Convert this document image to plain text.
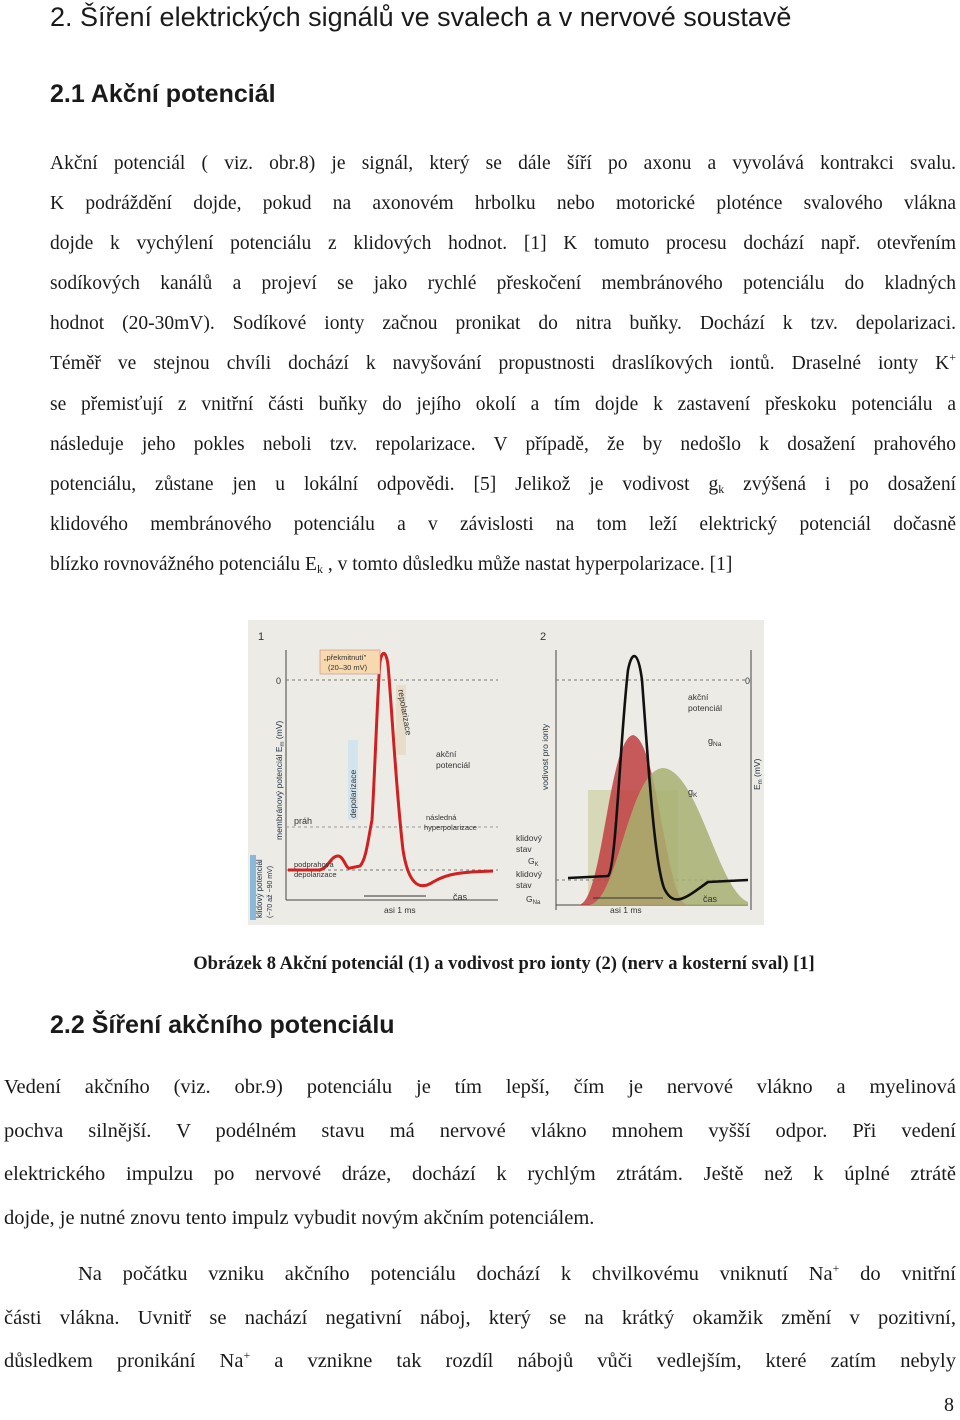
2. Šíření elektrických signálů ve svalech a v nervové soustavě
2.1 Akční potenciál

Akční potenciál ( viz. obr.8) je signál, který se dále šíří po axonu a vyvolává kontrakci svalu.
K podráždění dojde, pokud na axonovém hrbolku nebo motorické ploténce svalového vlákna
dojde k vychýlení potenciálu z klidových hodnot. [1] K tomuto procesu dochází např. otevřením
sodíkových kanálů a projeví se jako rychlé přeskočení membránového potenciálu do kladných
hodnot (20-30mV). Sodíkové ionty začnou pronikat do nitra buňky. Dochází k tzv. depolarizaci.
Téměř ve stejnou chvíli dochází k navyšování propustnosti draslíkových iontů. Draselné ionty K+
se přemisťují z vnitřní části buňky do jejího okolí a tím dojde k zastavení přeskoku potenciálu a
následuje jeho pokles neboli tzv. repolarizace. V případě, že by nedošlo k dosažení prahového
potenciálu, zůstane jen u lokální odpovědi. [5] Jelikož je vodivost $g_k$ zvýšená i po dosažení
klidového membránového potenciálu a v závislosti na tom leží elektrický potenciál dočasně
blízko rovnovážného potenciálu $E_k$ , v tomto důsledku může nastat hyperpolarizace. [1]

1
klidový potenciál (−70 až −90 mV)
membránový potenciál $E_m$ (mV)
0
„překmitnutí"
(20–30 mV)
depolarizace
repolarizace
akční
potenciál
práh	následná
hyperpolarizace
podprahová
depolarizace
asi 1 ms
čas
2
vodivost pro ionty
0
akční
potenciál
$g_{Na}$
$g_K$
$E_m$ (mV)
klidový
stav
$G_K$
klidový
stav
$G_{Na}$
asi 1 ms
čas

Obrázek 8 Akční potenciál (1) a vodivost pro ionty (2) (nerv a kosterní sval) [1]

2.2 Šíření akčního potenciálu

Vedení akčního (viz. obr.9) potenciálu je tím lepší, čím je nervové vlákno a myelinová
pochva silnější. V podélném stavu má nervové vlákno mnohem vyšší odpor. Při vedení
elektrického impulzu po nervové dráze, dochází k rychlým ztrátám. Ještě než k úplné ztrátě
dojde, je nutné znovu tento impulz vybudit novým akčním potenciálem.

Na počátku vzniku akčního potenciálu dochází k chvilkovému vniknutí Na+ do vnitřní
části vlákna. Uvnitř se nachází negativní náboj, který se na krátký okamžik změní v pozitivní,
důsledkem pronikání Na+ a vznikne tak rozdíl nábojů vůči vedlejším, které zatím nebyly

8
